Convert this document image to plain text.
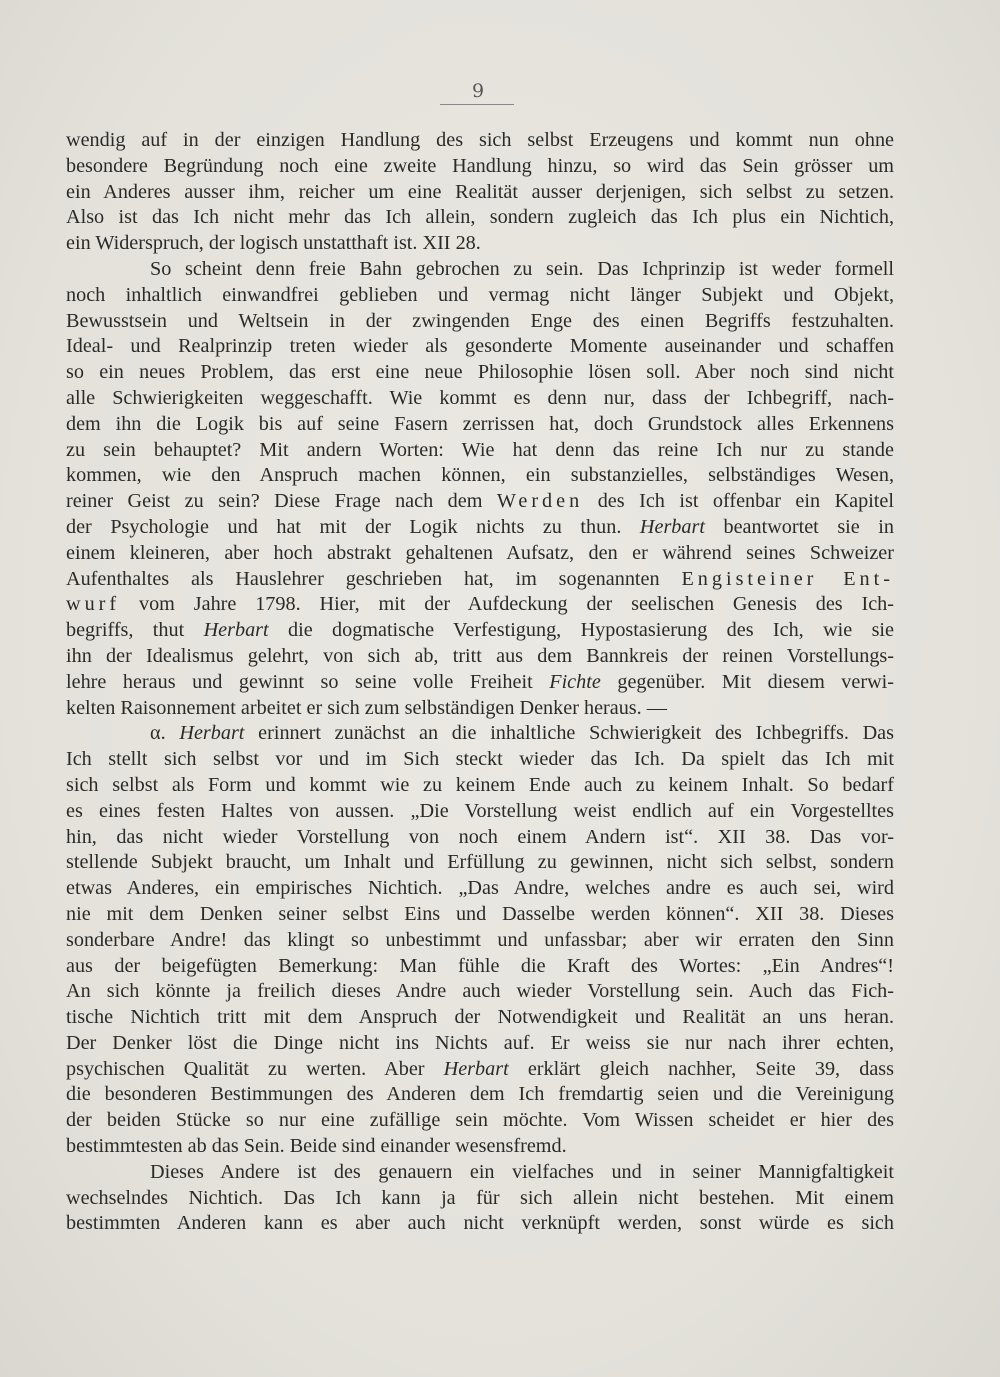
9
wendig auf in der einzigen Handlung des sich selbst Erzeugens und kommt nun ohne
besondere Begründung noch eine zweite Handlung hinzu, so wird das Sein grösser um
ein Anderes ausser ihm, reicher um eine Realität ausser derjenigen, sich selbst zu setzen.
Also ist das Ich nicht mehr das Ich allein, sondern zugleich das Ich plus ein Nichtich,
ein Widerspruch, der logisch unstatthaft ist. XII 28.
So scheint denn freie Bahn gebrochen zu sein. Das Ichprinzip ist weder formell
noch inhaltlich einwandfrei geblieben und vermag nicht länger Subjekt und Objekt,
Bewusstsein und Weltsein in der zwingenden Enge des einen Begriffs festzuhalten.
Ideal- und Realprinzip treten wieder als gesonderte Momente auseinander und schaffen
so ein neues Problem, das erst eine neue Philosophie lösen soll. Aber noch sind nicht
alle Schwierigkeiten weggeschafft. Wie kommt es denn nur, dass der Ichbegriff, nach-
dem ihn die Logik bis auf seine Fasern zerrissen hat, doch Grundstock alles Erkennens
zu sein behauptet? Mit andern Worten: Wie hat denn das reine Ich nur zu stande
kommen, wie den Anspruch machen können, ein substanzielles, selbständiges Wesen,
reiner Geist zu sein? Diese Frage nach dem Werden des Ich ist offenbar ein Kapitel
der Psychologie und hat mit der Logik nichts zu thun. Herbart beantwortet sie in
einem kleineren, aber hoch abstrakt gehaltenen Aufsatz, den er während seines Schweizer
Aufenthaltes als Hauslehrer geschrieben hat, im sogenannten Engisteiner Ent-
wurf vom Jahre 1798. Hier, mit der Aufdeckung der seelischen Genesis des Ich-
begriffs, thut Herbart die dogmatische Verfestigung, Hypostasierung des Ich, wie sie
ihn der Idealismus gelehrt, von sich ab, tritt aus dem Bannkreis der reinen Vorstellungs-
lehre heraus und gewinnt so seine volle Freiheit Fichte gegenüber. Mit diesem verwi-
kelten Raisonnement arbeitet er sich zum selbständigen Denker heraus. —
α. Herbart erinnert zunächst an die inhaltliche Schwierigkeit des Ichbegriffs. Das
Ich stellt sich selbst vor und im Sich steckt wieder das Ich. Da spielt das Ich mit
sich selbst als Form und kommt wie zu keinem Ende auch zu keinem Inhalt. So bedarf
es eines festen Haltes von aussen. „Die Vorstellung weist endlich auf ein Vorgestelltes
hin, das nicht wieder Vorstellung von noch einem Andern ist“. XII 38. Das vor-
stellende Subjekt braucht, um Inhalt und Erfüllung zu gewinnen, nicht sich selbst, sondern
etwas Anderes, ein empirisches Nichtich. „Das Andre, welches andre es auch sei, wird
nie mit dem Denken seiner selbst Eins und Dasselbe werden können“. XII 38. Dieses
sonderbare Andre! das klingt so unbestimmt und unfassbar; aber wir erraten den Sinn
aus der beigefügten Bemerkung: Man fühle die Kraft des Wortes: „Ein Andres“!
An sich könnte ja freilich dieses Andre auch wieder Vorstellung sein. Auch das Fich-
tische Nichtich tritt mit dem Anspruch der Notwendigkeit und Realität an uns heran.
Der Denker löst die Dinge nicht ins Nichts auf. Er weiss sie nur nach ihrer echten,
psychischen Qualität zu werten. Aber Herbart erklärt gleich nachher, Seite 39, dass
die besonderen Bestimmungen des Anderen dem Ich fremdartig seien und die Vereinigung
der beiden Stücke so nur eine zufällige sein möchte. Vom Wissen scheidet er hier des
bestimmtesten ab das Sein. Beide sind einander wesensfremd.
Dieses Andere ist des genauern ein vielfaches und in seiner Mannigfaltigkeit
wechselndes Nichtich. Das Ich kann ja für sich allein nicht bestehen. Mit einem
bestimmten Anderen kann es aber auch nicht verknüpft werden, sonst würde es sich
